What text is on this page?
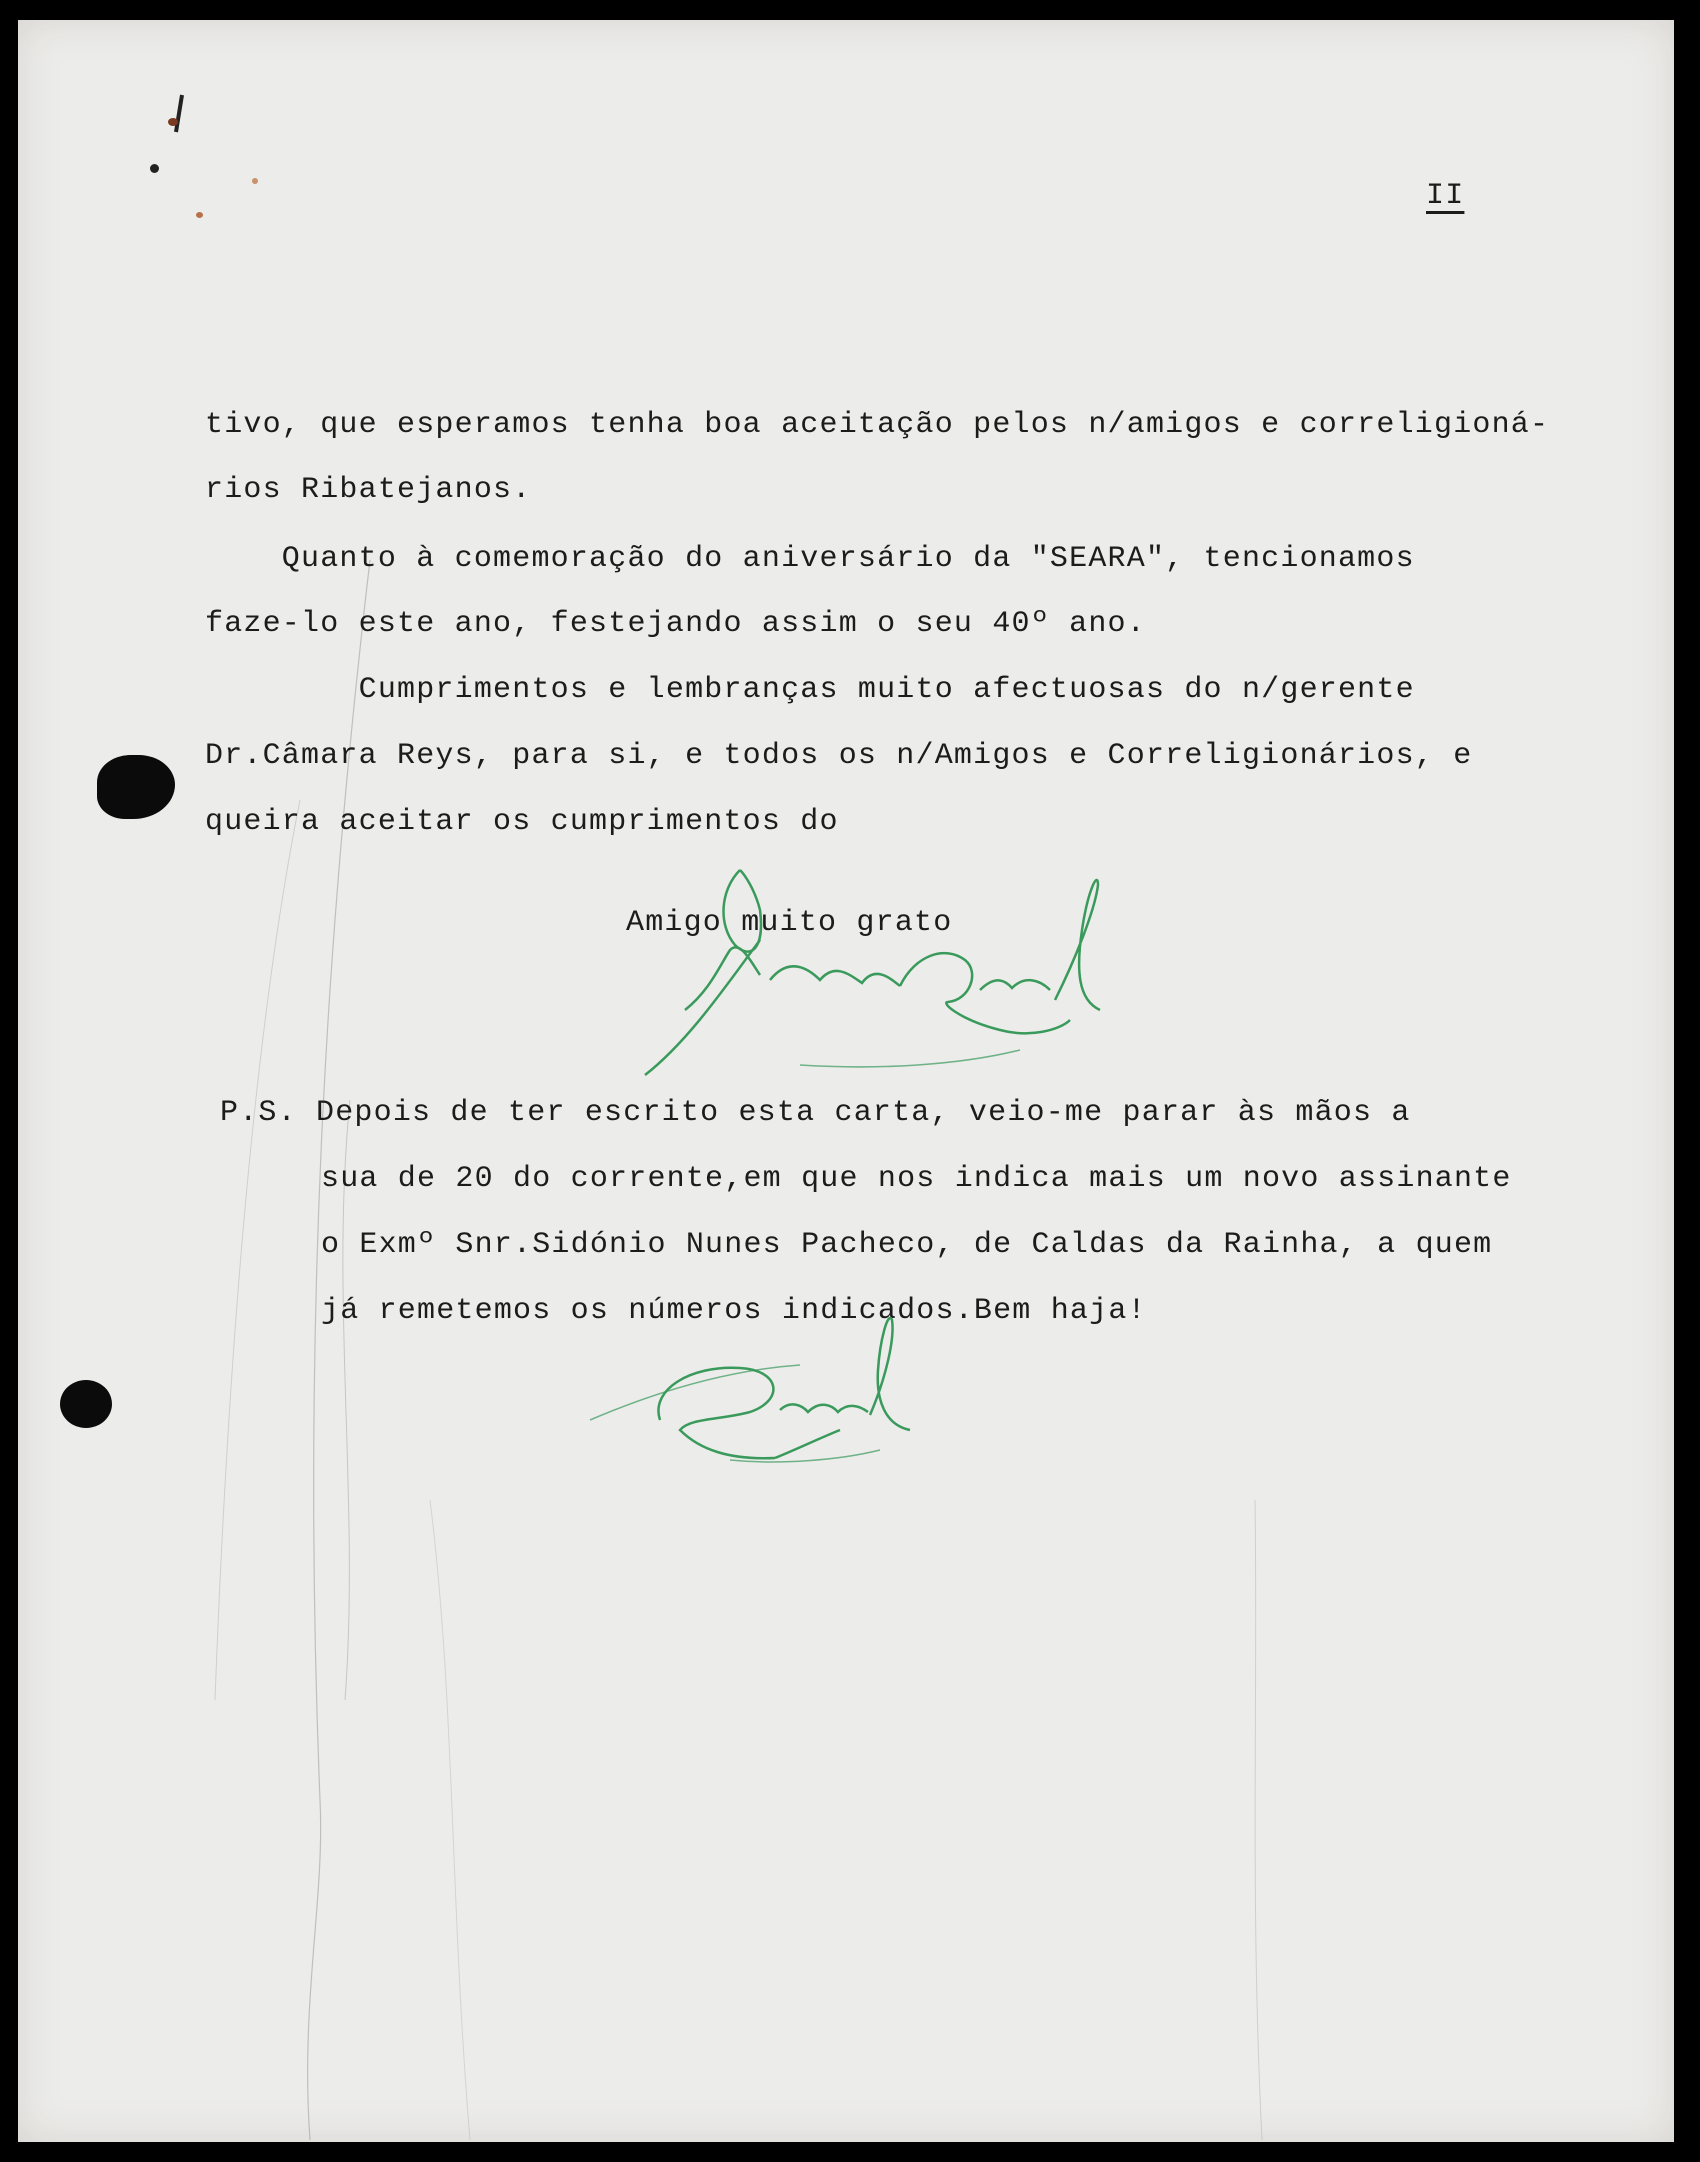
II
tivo, que esperamos tenha boa aceitação pelos n/amigos e correligioná-
rios Ribatejanos.
Quanto à comemoração do aniversário da "SEARA", tencionamos
faze-lo este ano, festejando assim o seu 40º ano.
Cumprimentos e lembranças muito afectuosas do n/gerente
Dr.Câmara Reys, para si, e todos os n/Amigos e Correligionários, e
queira aceitar os cumprimentos do
Amigo muito grato
P.S. Depois de ter escrito esta carta, veio-me parar às mãos a
sua de 20 do corrente,em que nos indica mais um novo assinante
o Exmº Snr.Sidónio Nunes Pacheco, de Caldas da Rainha, a quem
já remetemos os números indicados.Bem haja!
